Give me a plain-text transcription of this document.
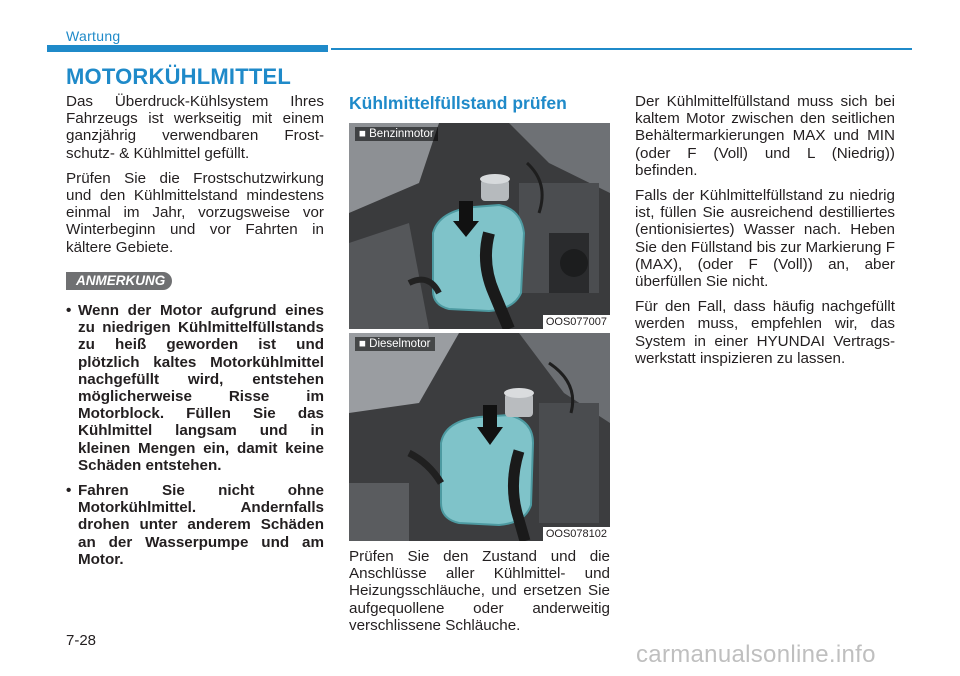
Wartung
MOTORKÜHLMITTEL

Das Überdruck-Kühlsystem Ihres Fahrzeugs ist werkseitig mit einem ganzjährig verwendbaren Frostschutz- & Kühlmittel gefüllt.

Prüfen Sie die Frostschutzwirkung und den Kühlmittelstand mindestens einmal im Jahr, vorzugsweise vor Winterbeginn und vor Fahrten in kältere Gebiete.

ANMERKUNG
• Wenn der Motor aufgrund eines zu niedrigen Kühlmittelfüllstands zu heiß geworden ist und plötzlich kaltes Motorkühlmittel nachgefüllt wird, entstehen möglicherweise Risse im Motorblock. Füllen Sie das Kühlmittel langsam und in kleinen Mengen ein, damit keine Schäden entstehen.
• Fahren Sie nicht ohne Motorkühlmittel. Andernfalls drohen unter anderem Schäden an der Wasserpumpe und am Motor.
Kühlmittelfüllstand prüfen
■ Benzinmotor
OOS077007
■ Dieselmotor
OOS078102

Prüfen Sie den Zustand und die Anschlüsse aller Kühlmittel- und Heizungsschläuche, und ersetzen Sie aufgequollene oder anderweitig verschlissene Schläuche.

Der Kühlmittelfüllstand muss sich bei kaltem Motor zwischen den seitlichen Behältermarkierungen MAX und MIN (oder F (Voll) und L (Niedrig)) befinden.

Falls der Kühlmittelfüllstand zu niedrig ist, füllen Sie ausreichend destilliertes (entionisiertes) Wasser nach. Heben Sie den Füllstand bis zur Markierung F (MAX), (oder F (Voll)) an, aber überfüllen Sie nicht.

Für den Fall, dass häufig nachgefüllt werden muss, empfehlen wir, das System in einer HYUNDAI Vertragswerkstatt inspizieren zu lassen.

7-28
carmanualsonline.info
